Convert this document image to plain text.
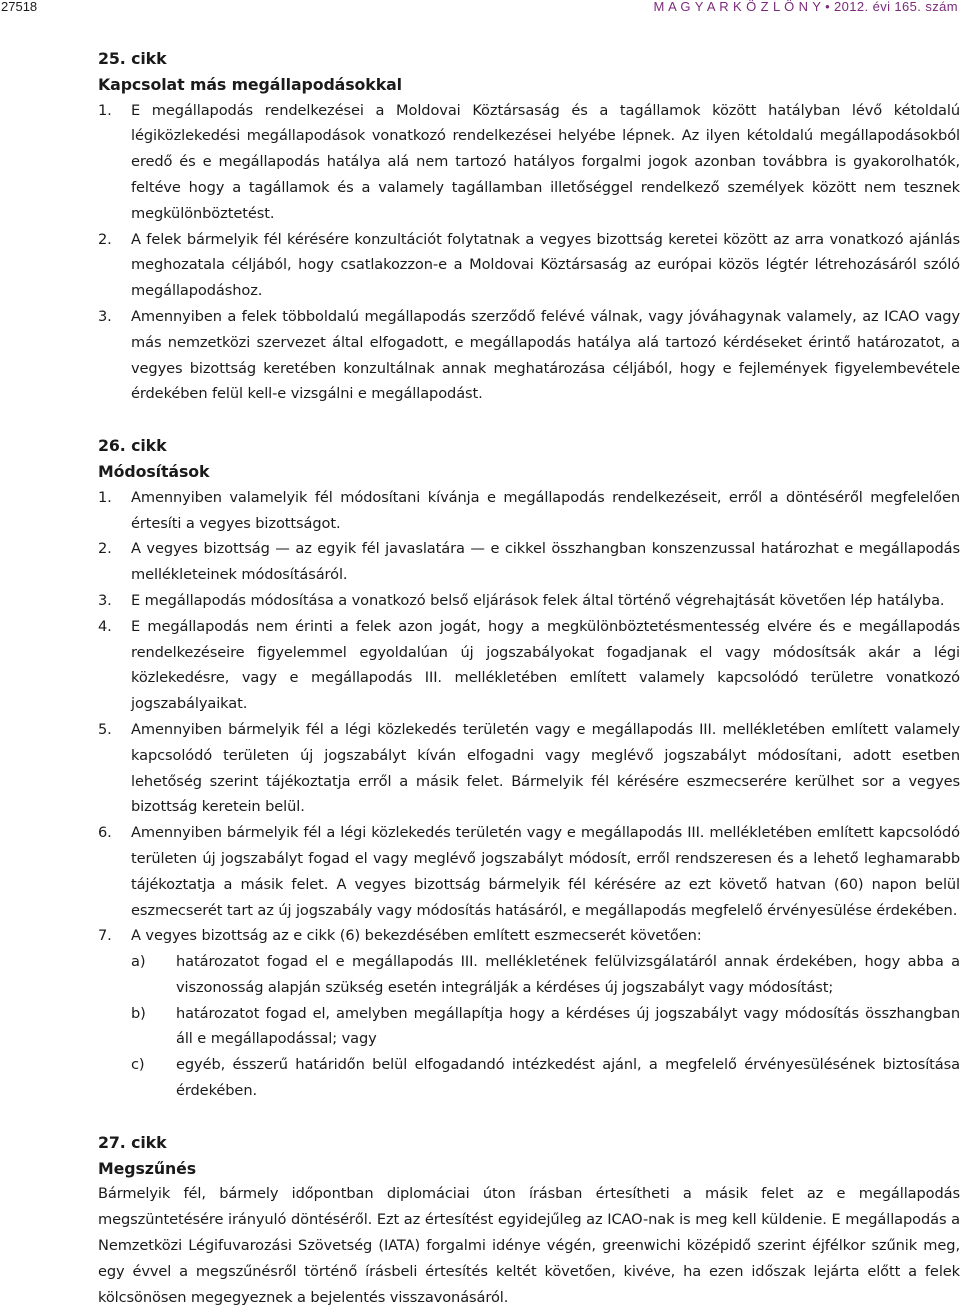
27518	M A G Y A R K Ö Z L Ö N Y • 2012. évi 165. szám
25. cikk
Kapcsolat más megállapodásokkal
1. E megállapodás rendelkezései a Moldovai Köztársaság és a tagállamok között hatályban lévő kétoldalú légiközlekedési megállapodások vonatkozó rendelkezései helyébe lépnek. Az ilyen kétoldalú megállapodásokból eredő és e megállapodás hatálya alá nem tartozó hatályos forgalmi jogok azonban továbbra is gyakorolhatók, feltéve hogy a tagállamok és a valamely tagállamban illetőséggel rendelkező személyek között nem tesznek megkülönböztetést.
2. A felek bármelyik fél kérésére konzultációt folytatnak a vegyes bizottság keretei között az arra vonatkozó ajánlás meghozatala céljából, hogy csatlakozzon-e a Moldovai Köztársaság az európai közös légtér létrehozásáról szóló megállapodáshoz.
3. Amennyiben a felek többoldalú megállapodás szerződő felévé válnak, vagy jóváhagynak valamely, az ICAO vagy más nemzetközi szervezet által elfogadott, e megállapodás hatálya alá tartozó kérdéseket érintő határozatot, a vegyes bizottság keretében konzultálnak annak meghatározása céljából, hogy e fejlemények figyelembevétele érdekében felül kell-e vizsgálni e megállapodást.
26. cikk
Módosítások
1. Amennyiben valamelyik fél módosítani kívánja e megállapodás rendelkezéseit, erről a döntéséről megfelelően értesíti a vegyes bizottságot.
2. A vegyes bizottság — az egyik fél javaslatára — e cikkel összhangban konszenzussal határozhat e megállapodás mellékleteinek módosításáról.
3. E megállapodás módosítása a vonatkozó belső eljárások felek által történő végrehajtását követően lép hatályba.
4. E megállapodás nem érinti a felek azon jogát, hogy a megkülönböztetésmentesség elvére és e megállapodás rendelkezéseire figyelemmel egyoldalúan új jogszabályokat fogadjanak el vagy módosítsák akár a légi közlekedésre, vagy e megállapodás III. mellékletében említett valamely kapcsolódó területre vonatkozó jogszabályaikat.
5. Amennyiben bármelyik fél a légi közlekedés területén vagy e megállapodás III. mellékletében említett valamely kapcsolódó területen új jogszabályt kíván elfogadni vagy meglévő jogszabályt módosítani, adott esetben lehetőség szerint tájékoztatja erről a másik felet. Bármelyik fél kérésére eszmecserére kerülhet sor a vegyes bizottság keretein belül.
6. Amennyiben bármelyik fél a légi közlekedés területén vagy e megállapodás III. mellékletében említett kapcsolódó területen új jogszabályt fogad el vagy meglévő jogszabályt módosít, erről rendszeresen és a lehető leghamarabb tájékoztatja a másik felet. A vegyes bizottság bármelyik fél kérésére az ezt követő hatvan (60) napon belül eszmecserét tart az új jogszabály vagy módosítás hatásáról, e megállapodás megfelelő érvényesülése érdekében.
7. A vegyes bizottság az e cikk (6) bekezdésében említett eszmecserét követően:
a) határozatot fogad el e megállapodás III. mellékletének felülvizsgálatáról annak érdekében, hogy abba a viszonosság alapján szükség esetén integrálják a kérdéses új jogszabályt vagy módosítást;
b) határozatot fogad el, amelyben megállapítja hogy a kérdéses új jogszabályt vagy módosítás összhangban áll e megállapodással; vagy
c) egyéb, ésszerű határidőn belül elfogadandó intézkedést ajánl, a megfelelő érvényesülésének biztosítása érdekében.
27. cikk
Megszűnés

Bármelyik fél, bármely időpontban diplomáciai úton írásban értesítheti a másik felet az e megállapodás megszüntetésére irányuló döntéséről. Ezt az értesítést egyidejűleg az ICAO-nak is meg kell küldenie. E megállapodás a Nemzetközi Légifuvarozási Szövetség (IATA) forgalmi idénye végén, greenwichi középidő szerint éjfélkor szűnik meg, egy évvel a megszűnésről történő írásbeli értesítés keltét követően, kivéve, ha ezen időszak lejárta előtt a felek kölcsönösen megegyeznek a bejelentés visszavonásáról.
